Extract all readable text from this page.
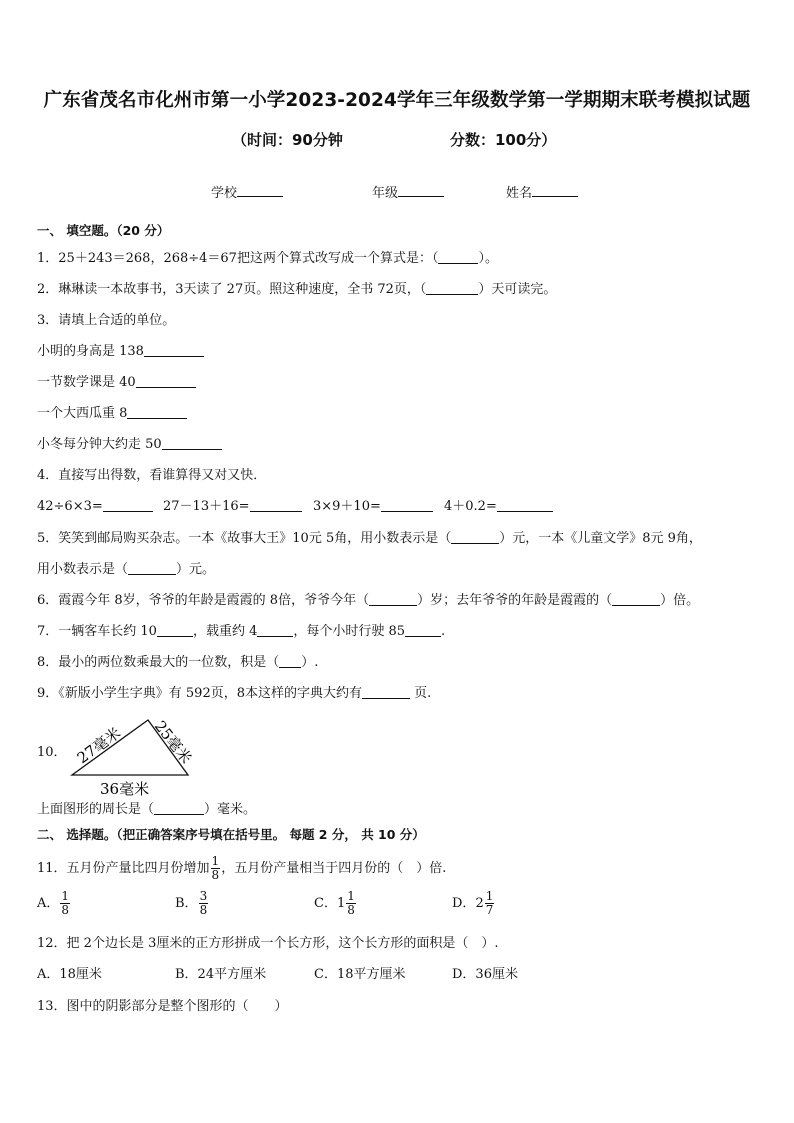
广东省茂名市化州市第一小学2023-2024学年三年级数学第一学期期末联考模拟试题
（时间：90分钟	分数：100分）
学校	年级	姓名
一、 填空题。（20 分）
1．25＋243＝268，268÷4＝67把这两个算式改写成一个算式是：（	）。
2．琳琳读一本故事书，3天读了 27页。照这种速度，全书 72页，（	）天可读完。
3．请填上合适的单位。
小明的身高是 138
一节数学课是 40
一个大西瓜重 8
小冬每分钟大约走 50
4．直接写出得数，看谁算得又对又快．
42÷6×3=	27－13＋16=	3×9＋10=	4＋0.2=
5．笑笑到邮局购买杂志。一本《故事大王》10元 5角，用小数表示是（	）元，一本《儿童文学》8元 9角，
用小数表示是（	）元。
6．霞霞今年 8岁，爷爷的年龄是霞霞的 8倍，爷爷今年（	）岁；去年爷爷的年龄是霞霞的（	）倍。
7．一辆客车长约 10	，载重约 4	，每个小时行驶 85	.
8．最小的两位数乘最大的一位数，积是（ ）.
9．《新版小学生字典》有 592页，8本这样的字典大约有	页.
10． 27毫米 25毫米
36毫米
上面图形的周长是（	）毫米。
二、 选择题。（把正确答案序号填在括号里。 每题 2 分， 共 10 分）
11．五月份产量比四月份增加 $\frac{1}{8}$ ，五月份产量相当于四月份的（　）倍.
A． $\frac{1}{8}$	B． $\frac{3}{8}$	C．$1 \frac{1}{8}$	D．$2 \frac{1}{7}$
12．把 2个边长是 3厘米的正方形拼成一个长方形，这个长方形的面积是（　）.
A．18厘米	B．24平方厘米	C．18平方厘米	D．36厘米
13．图中的阴影部分是整个图形的（　　）
